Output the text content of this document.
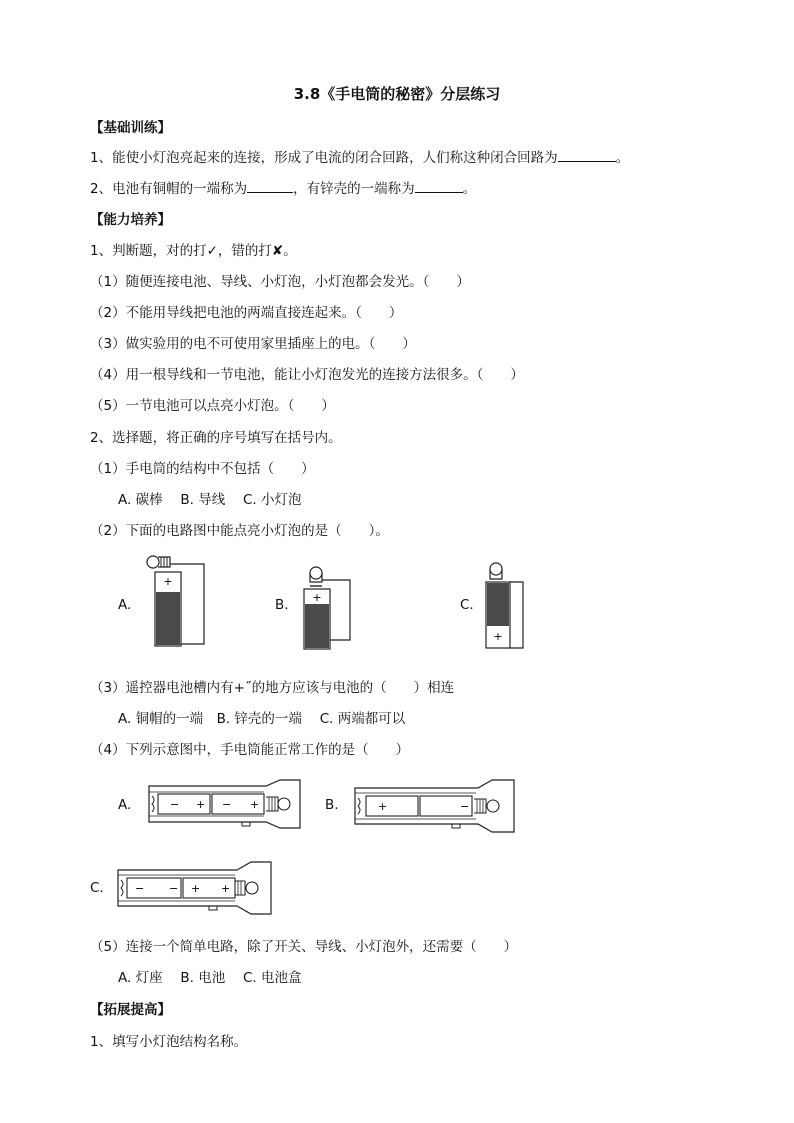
3.8《手电筒的秘密》分层练习
【基础训练】
1、能使小灯泡亮起来的连接，形成了电流的闭合回路，人们称这种闭合回路为	。
2、电池有铜帽的一端称为	，有锌壳的一端称为	。
【能力培养】
1、判断题，对的打✓，错的打✘。
（1）随便连接电池、导线、小灯泡，小灯泡都会发光。（　　）
（2）不能用导线把电池的两端直接连起来。（　　）
（3）做实验用的电不可使用家里插座上的电。（　　）
（4）用一根导线和一节电池，能让小灯泡发光的连接方法很多。（　　）
（5）一节电池可以点亮小灯泡。（　　）
2、选择题，将正确的序号填写在括号内。
（1）手电筒的结构中不包括（　　）
A. 碳棒　 B. 导线　 C. 小灯泡
（2）下面的电路图中能点亮小灯泡的是（　　）。
A.	B.	C.
+
+
+
（3）遥控器电池槽内有+˝的地方应该与电池的（　　）相连
A. 铜帽的一端　B. 锌壳的一端　 C. 两端都可以
（4）下列示意图中，手电筒能正常工作的是（　　）
A.	B.
C.
− + − +	+	−
− − + +
（5）连接一个简单电路，除了开关、导线、小灯泡外，还需要（　　）
A. 灯座　 B. 电池　 C. 电池盒
【拓展提高】
1、填写小灯泡结构名称。
